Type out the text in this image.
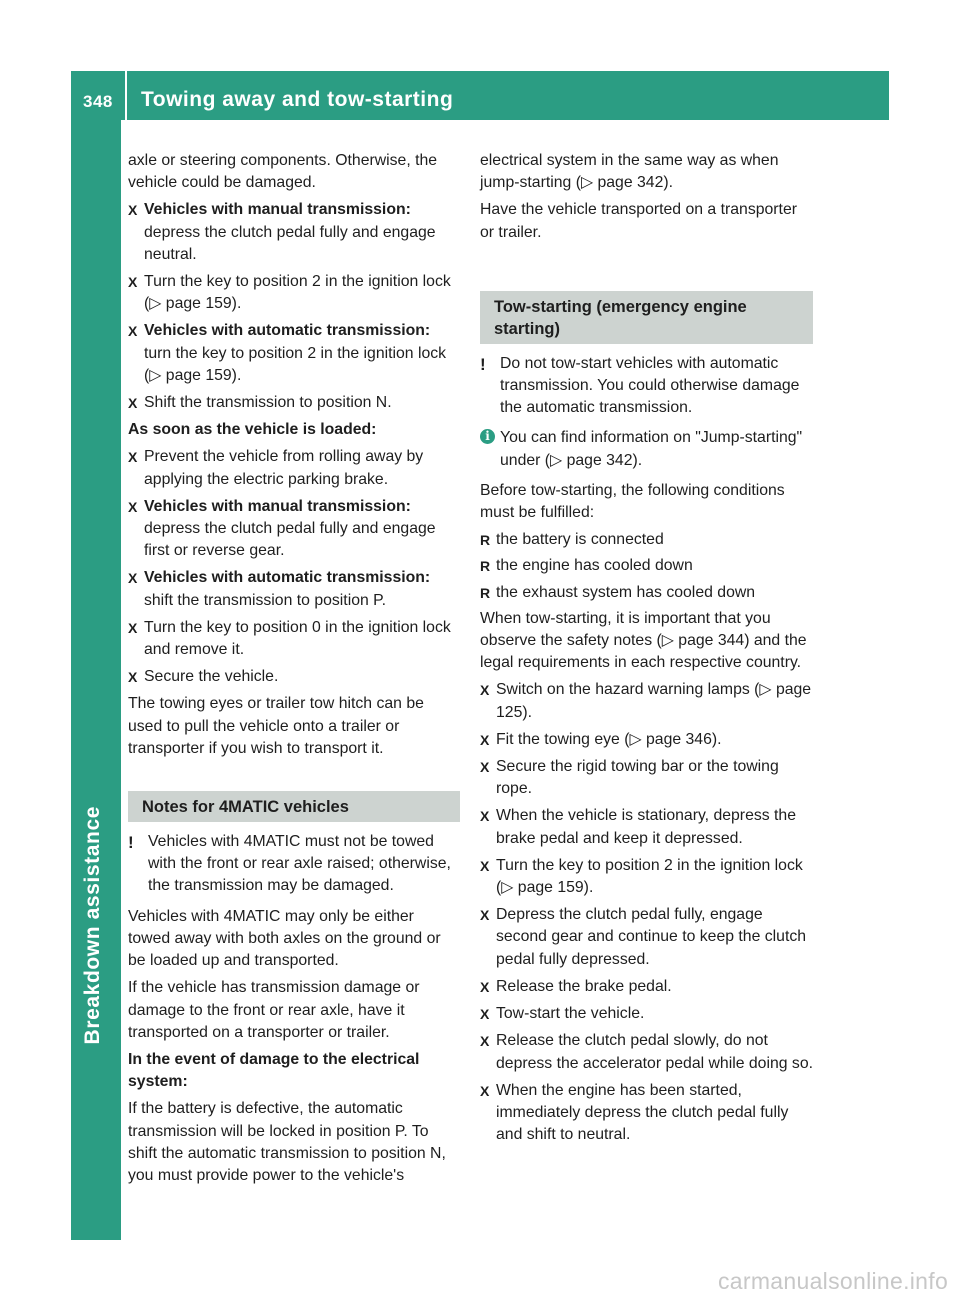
348 Towing away and tow-starting
Breakdown assistance

axle or steering components. Otherwise, the vehicle could be damaged.

X Vehicles with manual transmission:
depress the clutch pedal fully and engage neutral.
X Turn the key to position 2 in the ignition lock (▷ page 159).
X Vehicles with automatic transmission:
turn the key to position 2 in the ignition lock (▷ page 159).
X Shift the transmission to position N.

As soon as the vehicle is loaded:

X Prevent the vehicle from rolling away by applying the electric parking brake.
X Vehicles with manual transmission:
depress the clutch pedal fully and engage first or reverse gear.
X Vehicles with automatic transmission:
shift the transmission to position P.
X Turn the key to position 0 in the ignition lock and remove it.
X Secure the vehicle.

The towing eyes or trailer tow hitch can be used to pull the vehicle onto a trailer or transporter if you wish to transport it.

Notes for 4MATIC vehicles
! Vehicles with 4MATIC must not be towed with the front or rear axle raised; otherwise, the transmission may be damaged.

Vehicles with 4MATIC may only be either towed away with both axles on the ground or be loaded up and transported.

If the vehicle has transmission damage or damage to the front or rear axle, have it transported on a transporter or trailer.

In the event of damage to the electrical system:

If the battery is defective, the automatic transmission will be locked in position P. To shift the automatic transmission to position N, you must provide power to the vehicle's

electrical system in the same way as when jump-starting (▷ page 342).

Have the vehicle transported on a transporter or trailer.

Tow-starting (emergency engine starting)
! Do not tow-start vehicles with automatic transmission. You could otherwise damage the automatic transmission.
i You can find information on "Jump-starting" under (▷ page 342).

Before tow-starting, the following conditions must be fulfilled:

R the battery is connected
R the engine has cooled down
R the exhaust system has cooled down

When tow-starting, it is important that you observe the safety notes (▷ page 344) and the legal requirements in each respective country.

X Switch on the hazard warning lamps (▷ page 125).
X Fit the towing eye (▷ page 346).
X Secure the rigid towing bar or the towing rope.
X When the vehicle is stationary, depress the brake pedal and keep it depressed.
X Turn the key to position 2 in the ignition lock (▷ page 159).
X Depress the clutch pedal fully, engage second gear and continue to keep the clutch pedal fully depressed.
X Release the brake pedal.
X Tow-start the vehicle.
X Release the clutch pedal slowly, do not depress the accelerator pedal while doing so.
X When the engine has been started, immediately depress the clutch pedal fully and shift to neutral.
carmanualsonline.info
